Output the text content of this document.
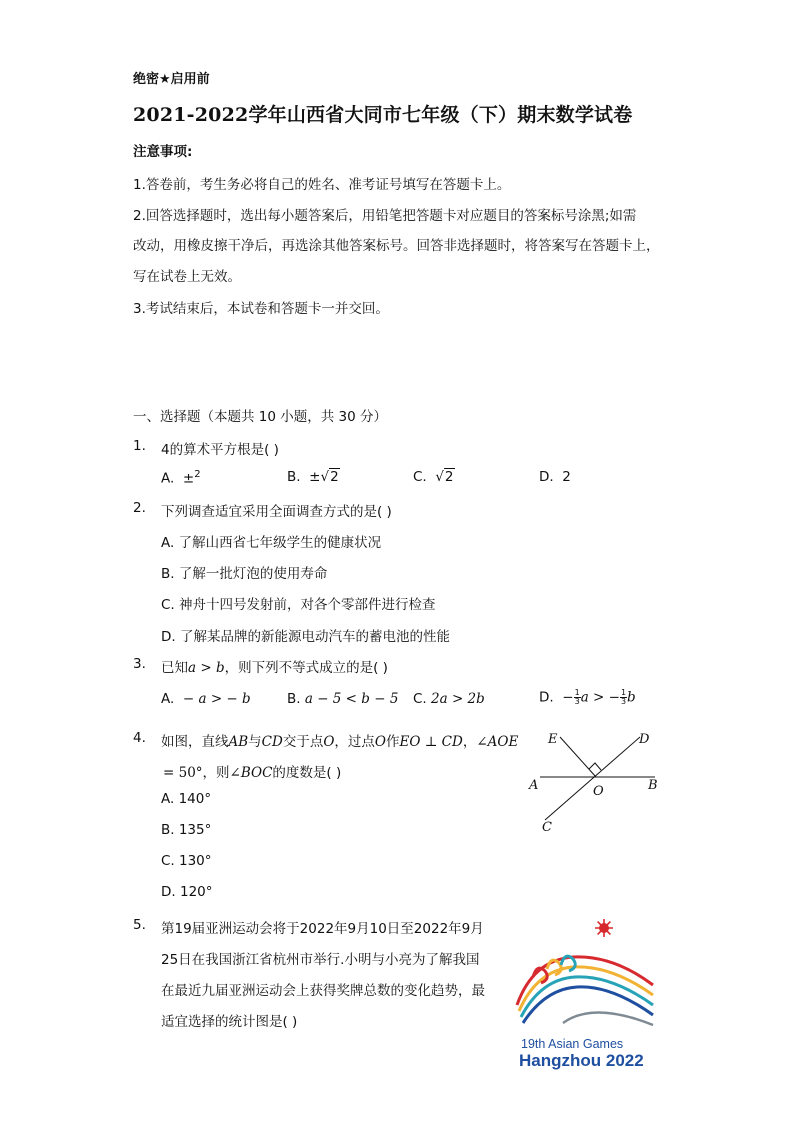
绝密★启用前
2021-2022学年山西省大同市七年级（下）期末数学试卷
注意事项:
1.答卷前，考生务必将自己的姓名、准考证号填写在答题卡上。
2.回答选择题时，选出每小题答案后，用铅笔把答题卡对应题目的答案标号涂黑;如需
改动，用橡皮擦干净后，再选涂其他答案标号。回答非选择题时，将答案写在答题卡上，
写在试卷上无效。
3.考试结束后，本试卷和答题卡一并交回。
一、选择题（本题共 10 小题，共 30 分）
1. 4的算术平方根是( )
A. ±$^2$	B. ±√2	C. √2	D. 2
2. 下列调查适宜采用全面调查方式的是( )
A. 了解山西省七年级学生的健康状况
B. 了解一批灯泡的使用寿命
C. 神舟十四号发射前，对各个零部件进行检查
D. 了解某品牌的新能源电动汽车的蓄电池的性能
3. 已知a > b，则下列不等式成立的是( )
A. − a > − b	B. a − 5 < b − 5 C. 2a > 2b	D. − $\frac{1}{3}$ a > − $\frac{1}{3}$ b
4. 如图，直线AB与CD交于点O，过点O作EO ⊥ CD，∠AOE
= 50°，则∠BOC的度数是( )
A. 140°
B. 135°
C. 130°
D. 120°
E	D
A	O	B
C
5. 第19届亚洲运动会将于2022年9月10日至2022年9月
25日在我国浙江省杭州市举行.小明与小亮为了解我国
在最近九届亚洲运动会上获得奖牌总数的变化趋势，最
适宜选择的统计图是( )
19th Asian Games
Hangzhou 2022
